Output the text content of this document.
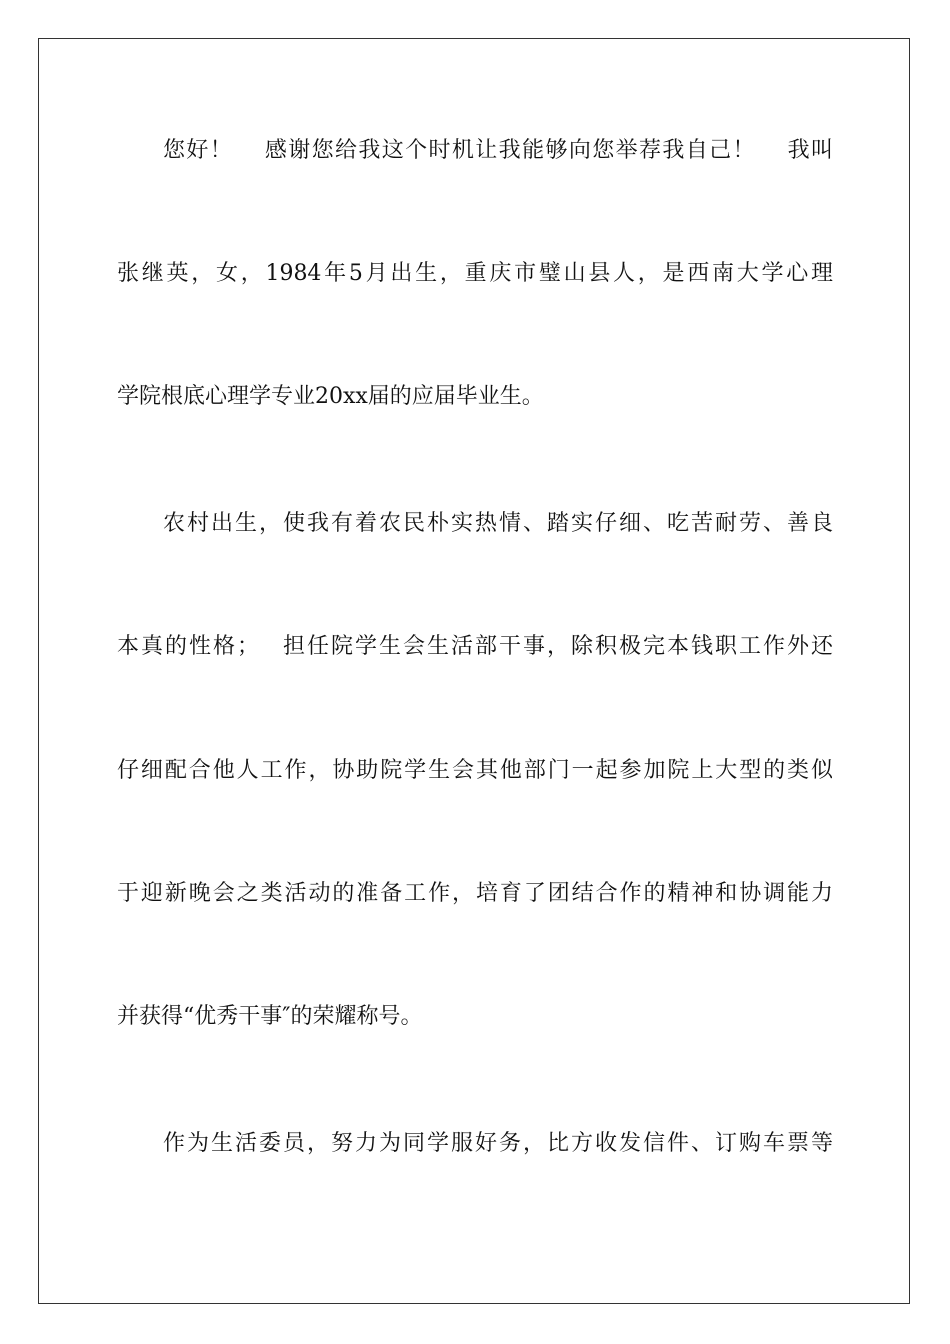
您好！　 感谢您给我这个时机让我能够向您举荐我自己！　 我叫

张继英，女，1984年5月出生，重庆市璧山县人，是西南大学心理

学院根底心理学专业20xx届的应届毕业生。

农村出生，使我有着农民朴实热情、踏实仔细、吃苦耐劳、善良

本真的性格；　 担任院学生会生活部干事，除积极完本钱职工作外还

仔细配合他人工作，协助院学生会其他部门一起参加院上大型的类似

于迎新晚会之类活动的准备工作，培育了团结合作的精神和协调能力

并获得“优秀干事″的荣耀称号。

作为生活委员，努力为同学服好务，比方收发信件、订购车票等
